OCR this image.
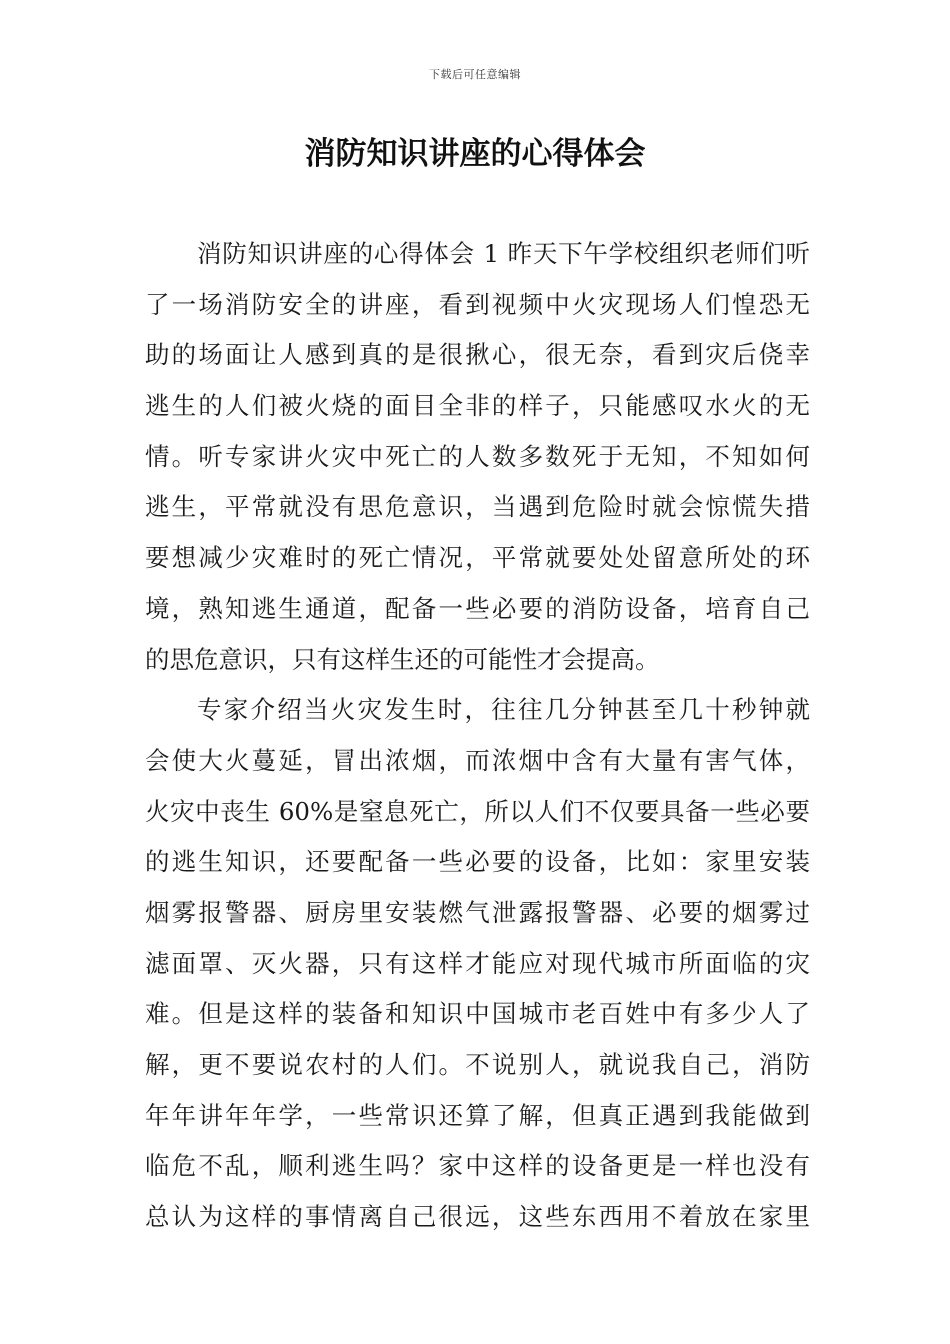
下载后可任意编辑
消防知识讲座的心得体会
消防知识讲座的心得体会 1 昨天下午学校组织老师们听
了一场消防安全的讲座，看到视频中火灾现场人们惶恐无
助的场面让人感到真的是很揪心，很无奈，看到灾后侥幸
逃生的人们被火烧的面目全非的样子，只能感叹水火的无
情。听专家讲火灾中死亡的人数多数死于无知，不知如何
逃生，平常就没有思危意识，当遇到危险时就会惊慌失措
要想减少灾难时的死亡情况，平常就要处处留意所处的环
境，熟知逃生通道，配备一些必要的消防设备，培育自己
的思危意识，只有这样生还的可能性才会提高。
专家介绍当火灾发生时，往往几分钟甚至几十秒钟就
会使大火蔓延，冒出浓烟，而浓烟中含有大量有害气体，
火灾中丧生 60%是窒息死亡，所以人们不仅要具备一些必要
的逃生知识，还要配备一些必要的设备，比如：家里安装
烟雾报警器、厨房里安装燃气泄露报警器、必要的烟雾过
滤面罩、灭火器，只有这样才能应对现代城市所面临的灾
难。但是这样的装备和知识中国城市老百姓中有多少人了
解，更不要说农村的人们。不说别人，就说我自己，消防
年年讲年年学，一些常识还算了解，但真正遇到我能做到
临危不乱，顺利逃生吗？家中这样的设备更是一样也没有
总认为这样的事情离自己很远，这些东西用不着放在家里
